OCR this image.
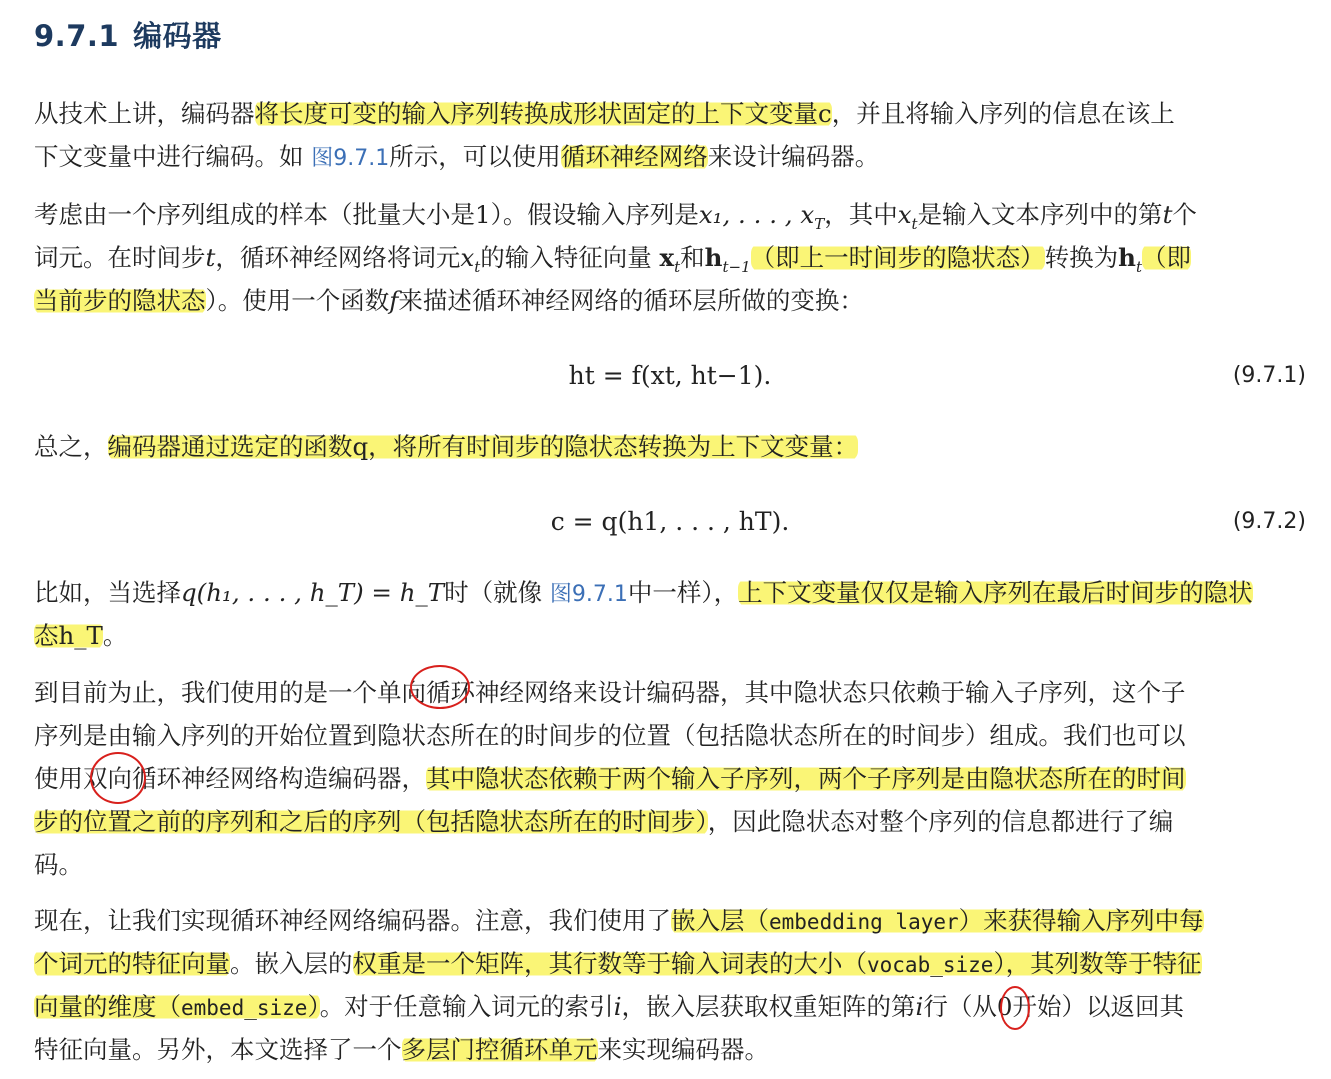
9.7.1 编码器
从技术上讲，编码器将长度可变的输入序列转换成形状固定的上下文变量c，并且将输入序列的信息在该上
下文变量中进行编码。如 图9.7.1所示，可以使用循环神经网络来设计编码器。
考虑由一个序列组成的样本（批量大小是1）。假设输入序列是x₁, . . . , $x_T$，其中$x_t$是输入文本序列中的第t个
词元。在时间步t，循环神经网络将词元$x_t$的输入特征向量 $x_t$和$h_{t-1}$（即上一时间步的隐状态）转换为$h_t$（即
当前步的隐状态）。使用一个函数f来描述循环神经网络的循环层所做的变换：
ht = f(xt, ht−1).	(9.7.1)
总之，编码器通过选定的函数q，将所有时间步的隐状态转换为上下文变量：
c = q(h1, . . . , hT).	(9.7.2)
比如，当选择q(h₁, . . . , h_T) = h_T时（就像 图9.7.1中一样），上下文变量仅仅是输入序列在最后时间步的隐状
态h_T。
到目前为止，我们使用的是一个单向循环神经网络来设计编码器，其中隐状态只依赖于输入子序列，这个子
序列是由输入序列的开始位置到隐状态所在的时间步的位置（包括隐状态所在的时间步）组成。我们也可以
使用双向循环神经网络构造编码器，其中隐状态依赖于两个输入子序列，两个子序列是由隐状态所在的时间
步的位置之前的序列和之后的序列（包括隐状态所在的时间步），因此隐状态对整个序列的信息都进行了编
码。
现在，让我们实现循环神经网络编码器。注意，我们使用了嵌入层（embedding layer）来获得输入序列中每
个词元的特征向量。嵌入层的权重是一个矩阵，其行数等于输入词表的大小（vocab_size），其列数等于特征
向量的维度（embed_size）。对于任意输入词元的索引i，嵌入层获取权重矩阵的第i行（从0开始）以返回其
特征向量。另外，本文选择了一个多层门控循环单元来实现编码器。
